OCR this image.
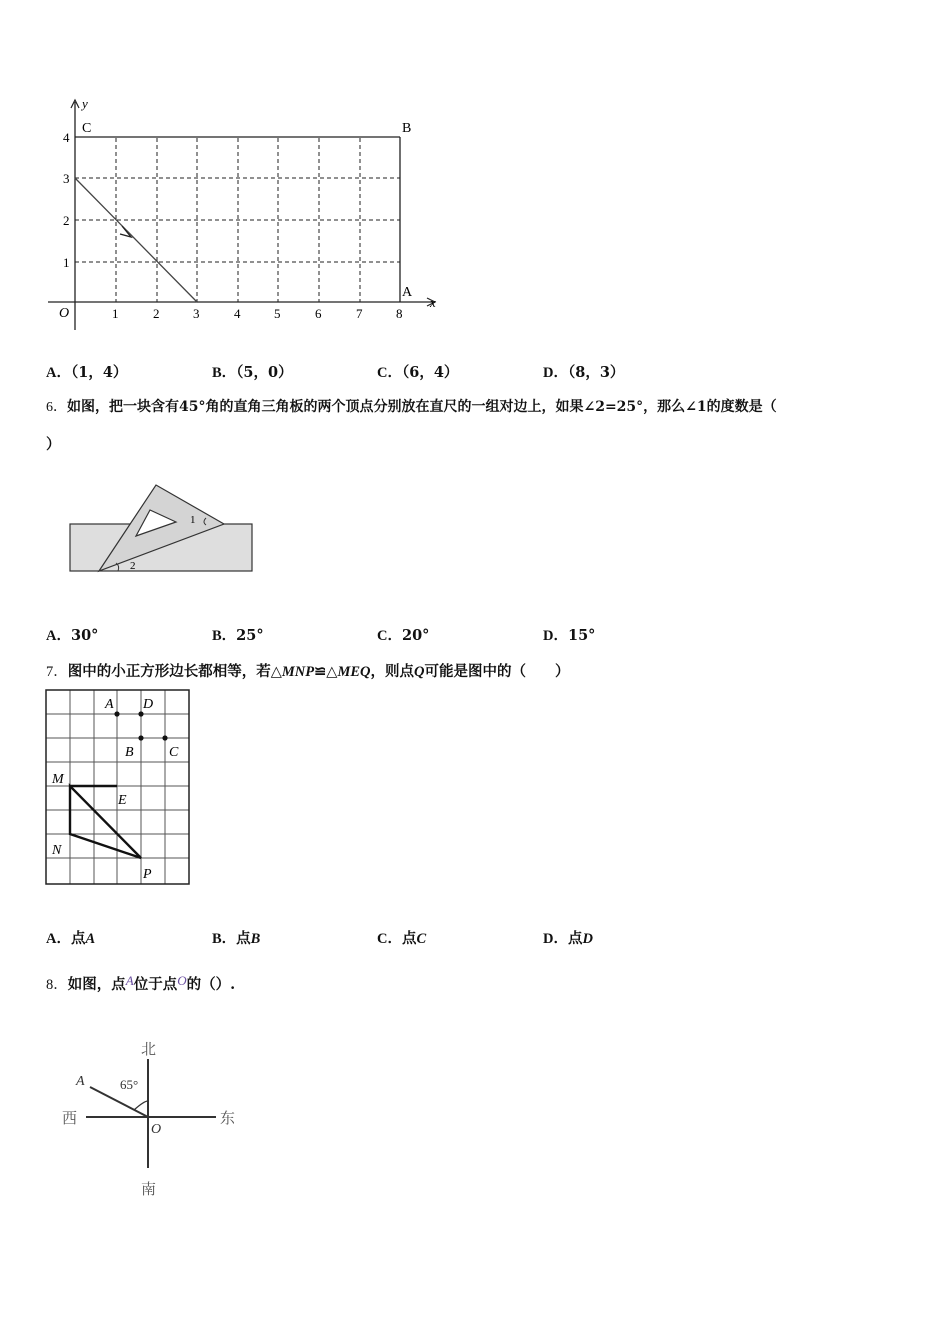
y
x
O
4
3
2
1
1	2	3	4	5	6	7	8
C	B
A
A．（1，4）	B．（5，0）	C．（6，4）	D．（8，3）
6．如图，把一块含有45°角的直角三角板的两个顶点分别放在直尺的一组对边上，如果∠2=25°，那么∠1的度数是（
）
1
2
A．30°	B．25°	C．20°	D．15°
7．图中的小正方形边长都相等，若△MNP≌△MEQ，则点Q可能是图中的（　　）
A D
B	C
M
E
N
P
A．点A	B．点B	C．点C	D．点D
8．如图，点A位于点O的（）.
北
南
西	东
65°
A
O
